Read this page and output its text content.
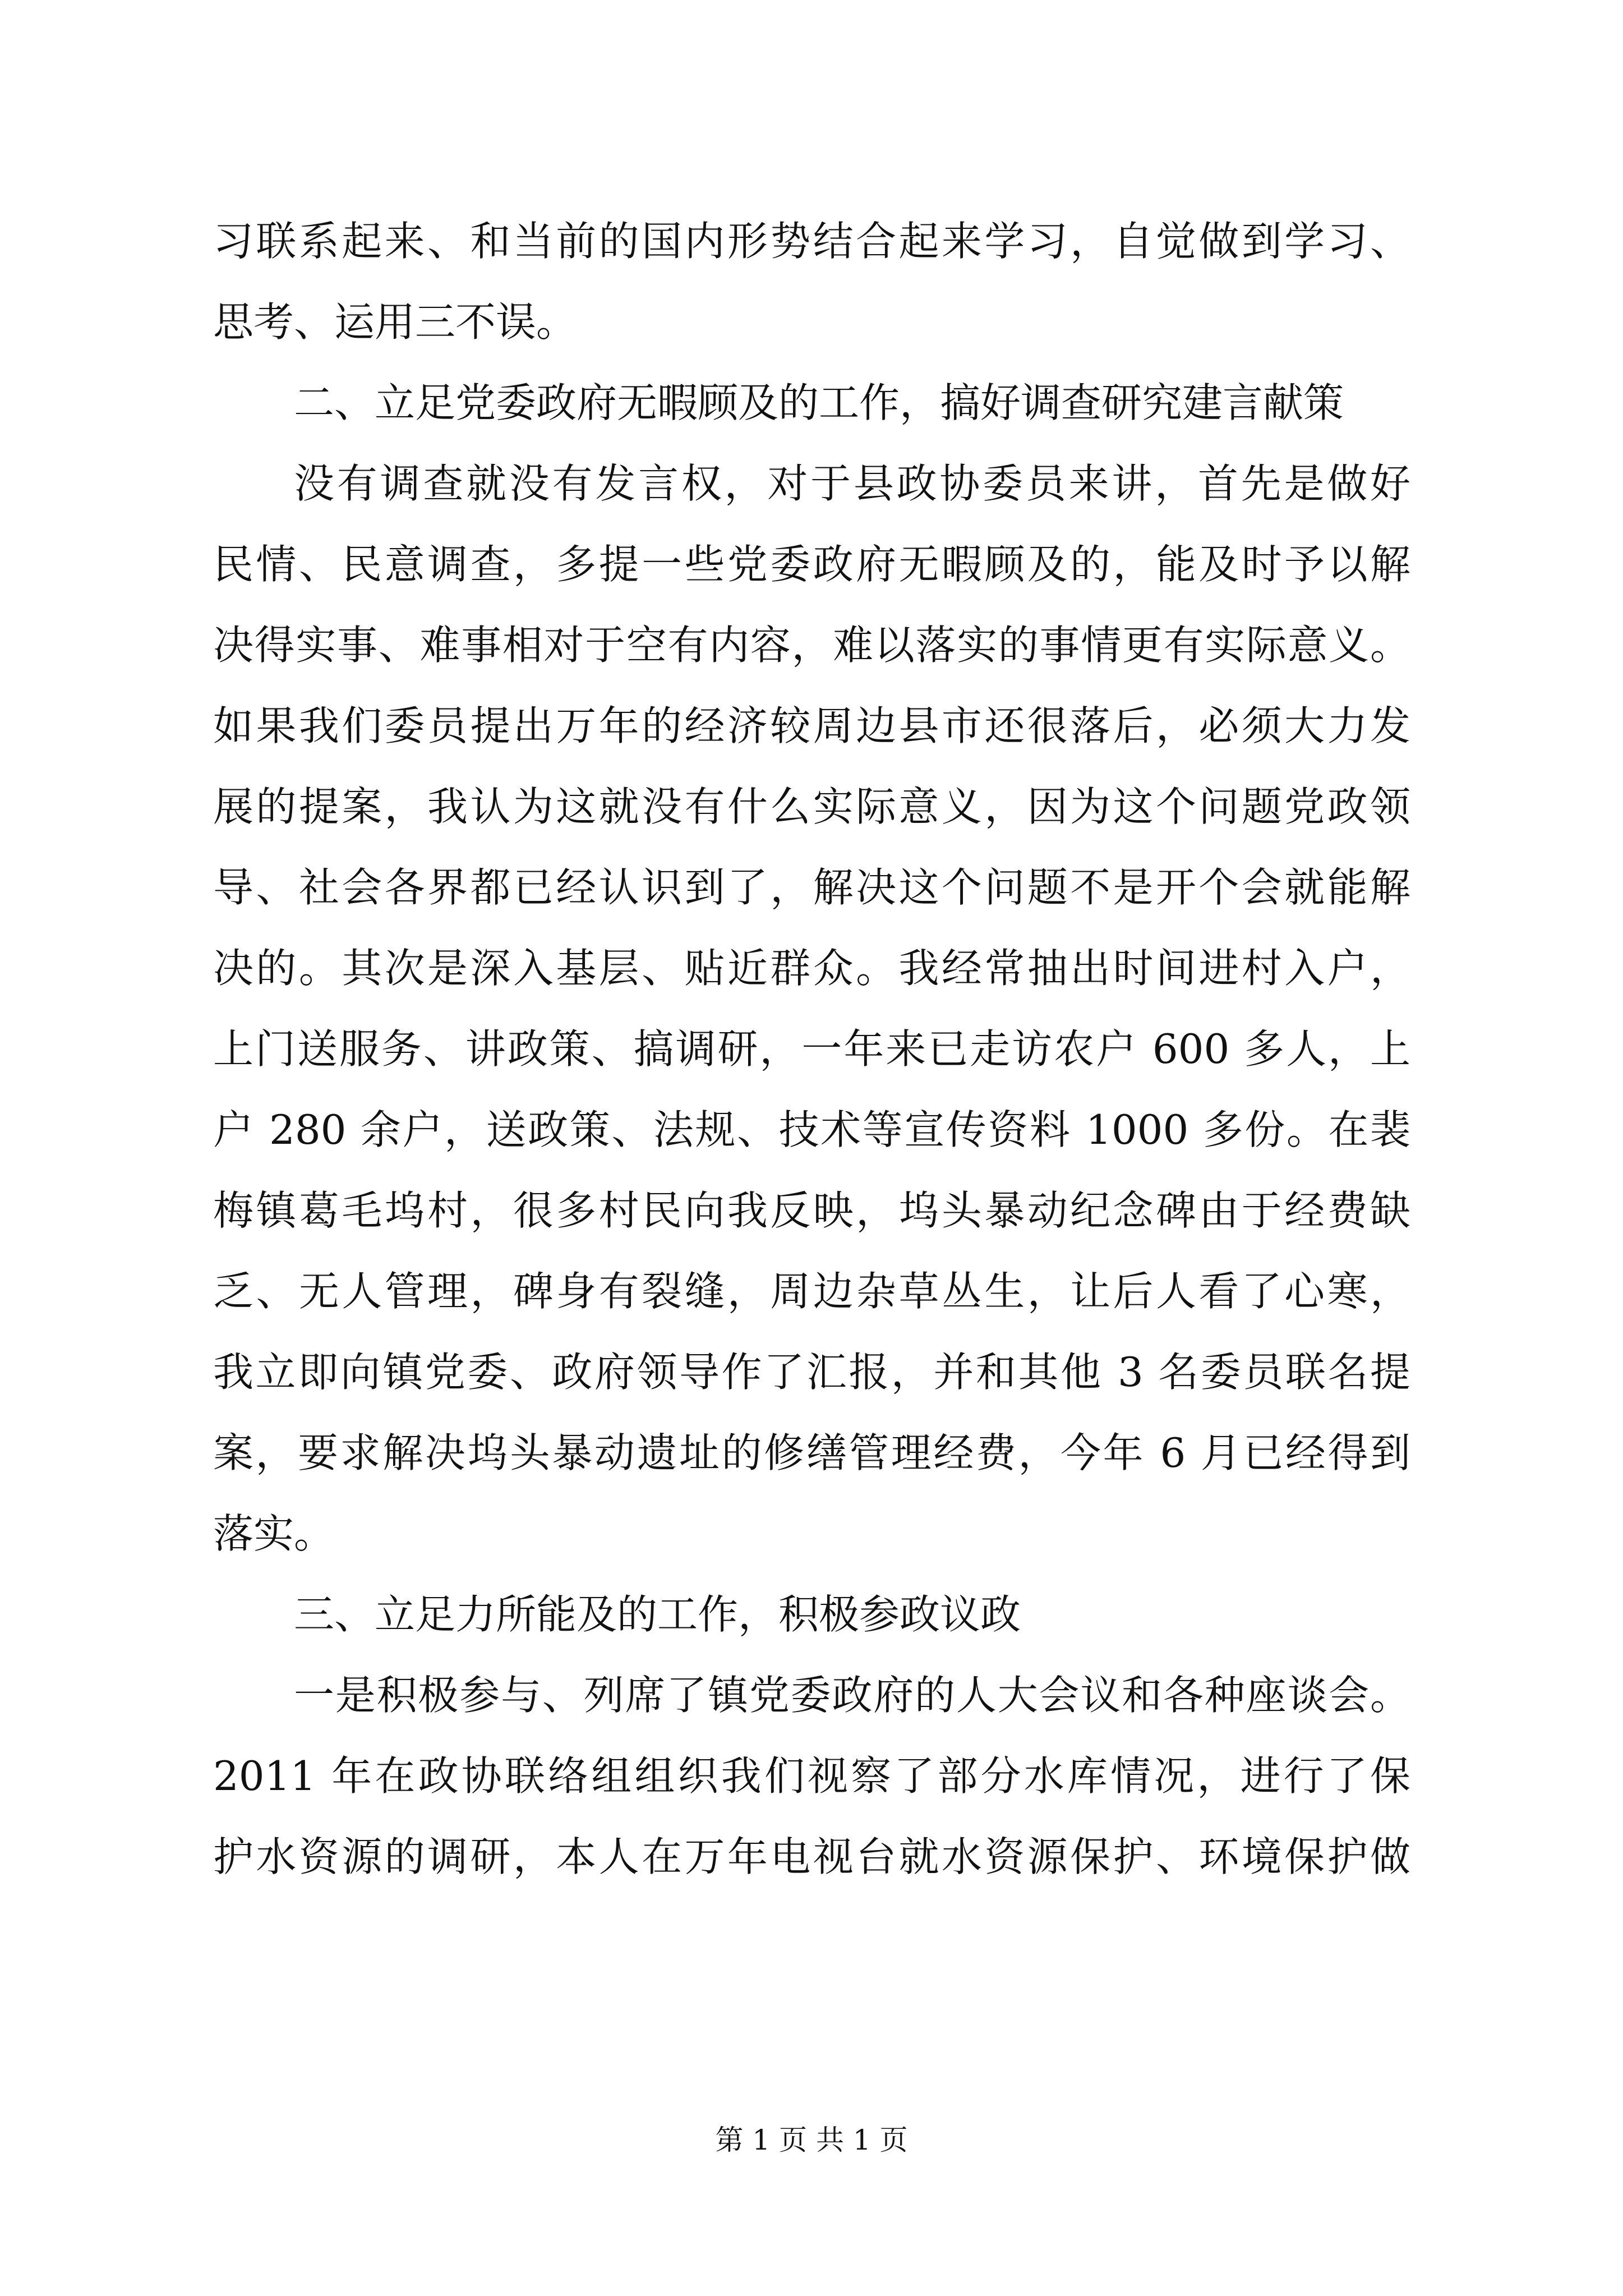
习联系起来、和当前的国内形势结合起来学习，自觉做到学习、
思考、运用三不误。
二、立足党委政府无暇顾及的工作，搞好调查研究建言献策
没有调查就没有发言权，对于县政协委员来讲，首先是做好
民情、民意调查，多提一些党委政府无暇顾及的，能及时予以解
决得实事、难事相对于空有内容，难以落实的事情更有实际意义。
如果我们委员提出万年的经济较周边县市还很落后，必须大力发
展的提案，我认为这就没有什么实际意义，因为这个问题党政领
导、社会各界都已经认识到了，解决这个问题不是开个会就能解
决的。其次是深入基层、贴近群众。我经常抽出时间进村入户，
上门送服务、讲政策、搞调研，一年来已走访农户 600 多人，上
户 280 余户，送政策、法规、技术等宣传资料 1000 多份。在裴
梅镇葛毛坞村，很多村民向我反映，坞头暴动纪念碑由于经费缺
乏、无人管理，碑身有裂缝，周边杂草丛生，让后人看了心寒，
我立即向镇党委、政府领导作了汇报，并和其他 3 名委员联名提
案，要求解决坞头暴动遗址的修缮管理经费，今年 6 月已经得到
落实。
三、立足力所能及的工作，积极参政议政
一是积极参与、列席了镇党委政府的人大会议和各种座谈会。
2011 年在政协联络组组织我们视察了部分水库情况，进行了保
护水资源的调研，本人在万年电视台就水资源保护、环境保护做
第 1 页 共 1 页
